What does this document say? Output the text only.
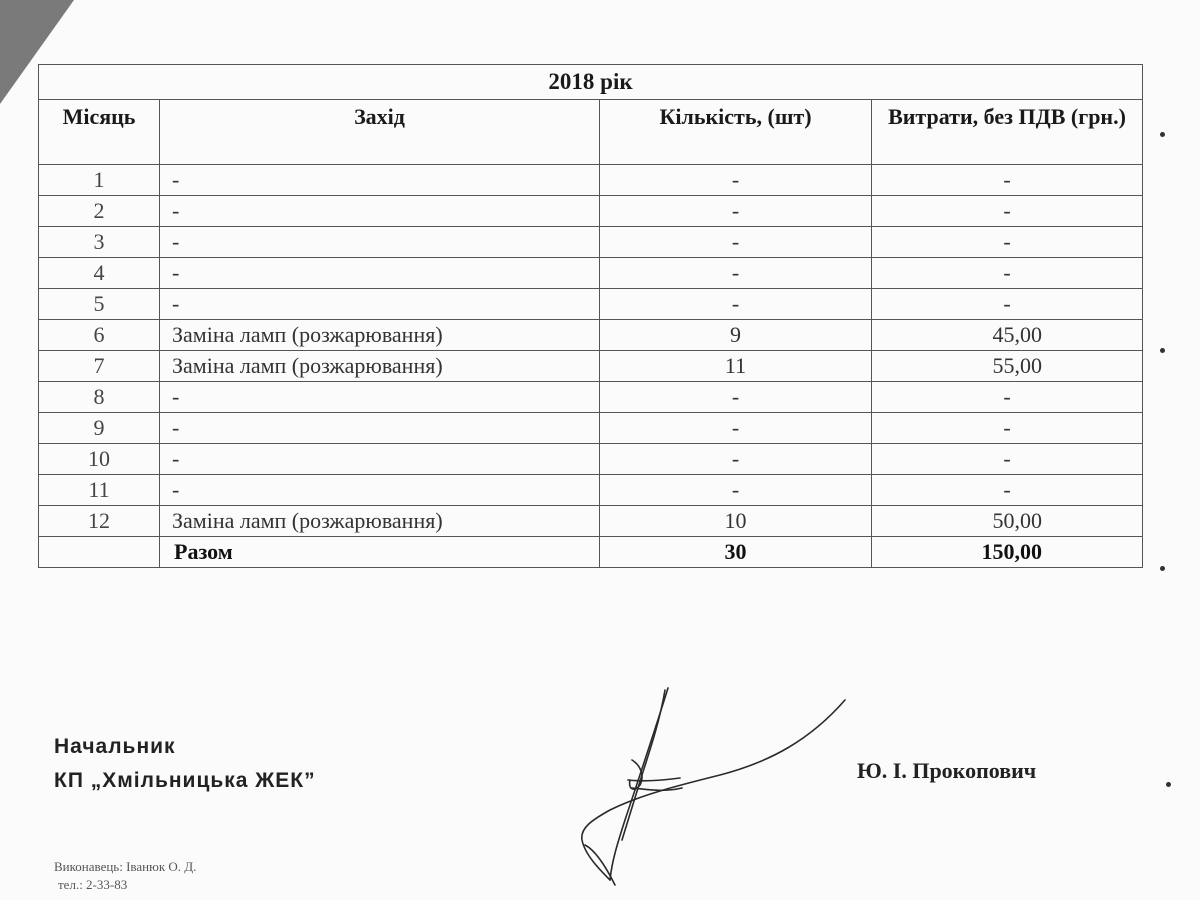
2018 рік			
Місяць	Захід	Кількість, (шт)	Витрати, без ПДВ (грн.)
1	-	-	-
2	-	-	-
3	-	-	-
4	-	-	-
5	-	-	-
6	Заміна ламп (розжарювання)	9	45,00
7	Заміна ламп (розжарювання)	11	55,00
8	-	-	-
9	-	-	-
10	-	-	-
11	-	-	-
12	Заміна ламп (розжарювання)	10	50,00
	Разом	30	150,00
Начальник
КП „Хмільницька ЖЕК”	Ю. І. Прокопович
Виконавець: Іванюк О. Д.
тел.: 2-33-83
